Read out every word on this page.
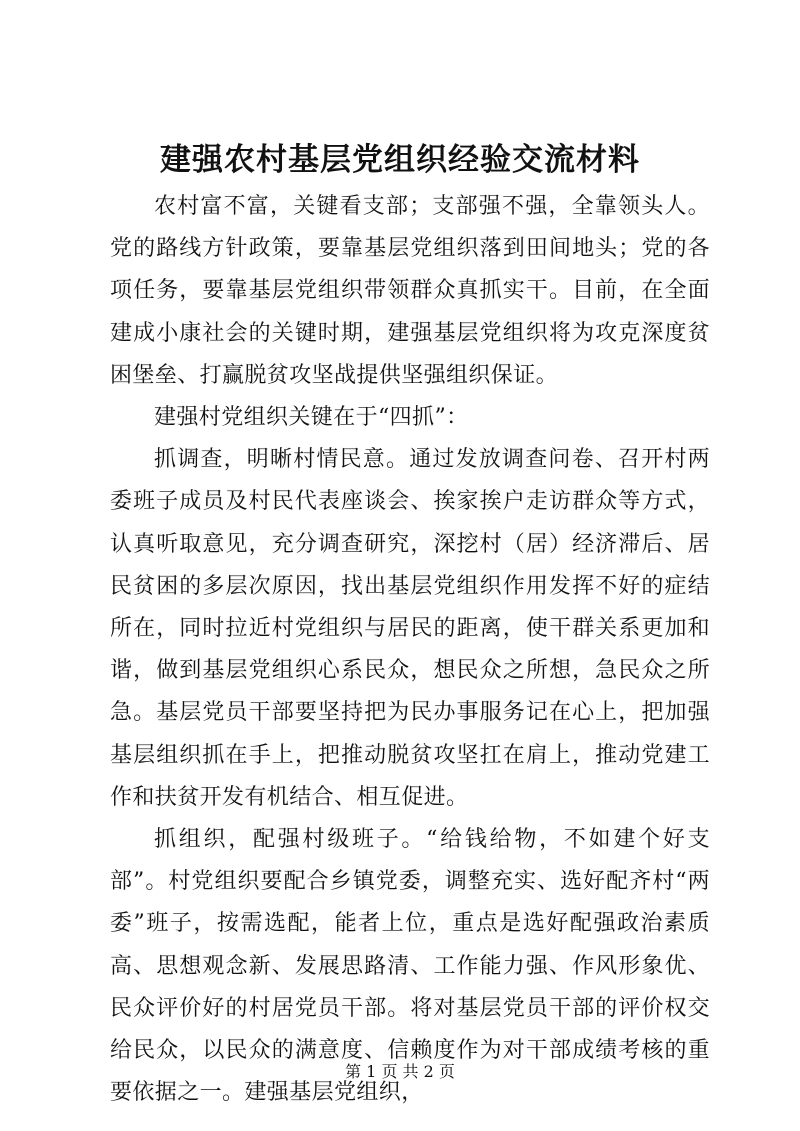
建强农村基层党组织经验交流材料

农村富不富，关键看支部；支部强不强，全靠领头人。党的路线方针政策，要靠基层党组织落到田间地头；党的各项任务，要靠基层党组织带领群众真抓实干。目前，在全面建成小康社会的关键时期，建强基层党组织将为攻克深度贫困堡垒、打赢脱贫攻坚战提供坚强组织保证。

建强村党组织关键在于“四抓”：

抓调查，明晰村情民意。通过发放调查问卷、召开村两委班子成员及村民代表座谈会、挨家挨户走访群众等方式，认真听取意见，充分调查研究，深挖村（居）经济滞后、居民贫困的多层次原因，找出基层党组织作用发挥不好的症结所在，同时拉近村党组织与居民的距离，使干群关系更加和谐，做到基层党组织心系民众，想民众之所想，急民众之所急。基层党员干部要坚持把为民办事服务记在心上，把加强基层组织抓在手上，把推动脱贫攻坚扛在肩上，推动党建工作和扶贫开发有机结合、相互促进。

抓组织，配强村级班子。“给钱给物，不如建个好支部”。村党组织要配合乡镇党委，调整充实、选好配齐村“两委”班子，按需选配，能者上位，重点是选好配强政治素质高、思想观念新、发展思路清、工作能力强、作风形象优、民众评价好的村居党员干部。将对基层党员干部的评价权交给民众，以民众的满意度、信赖度作为对干部成绩考核的重要依据之一。建强基层党组织，

第 1 页 共 2 页
